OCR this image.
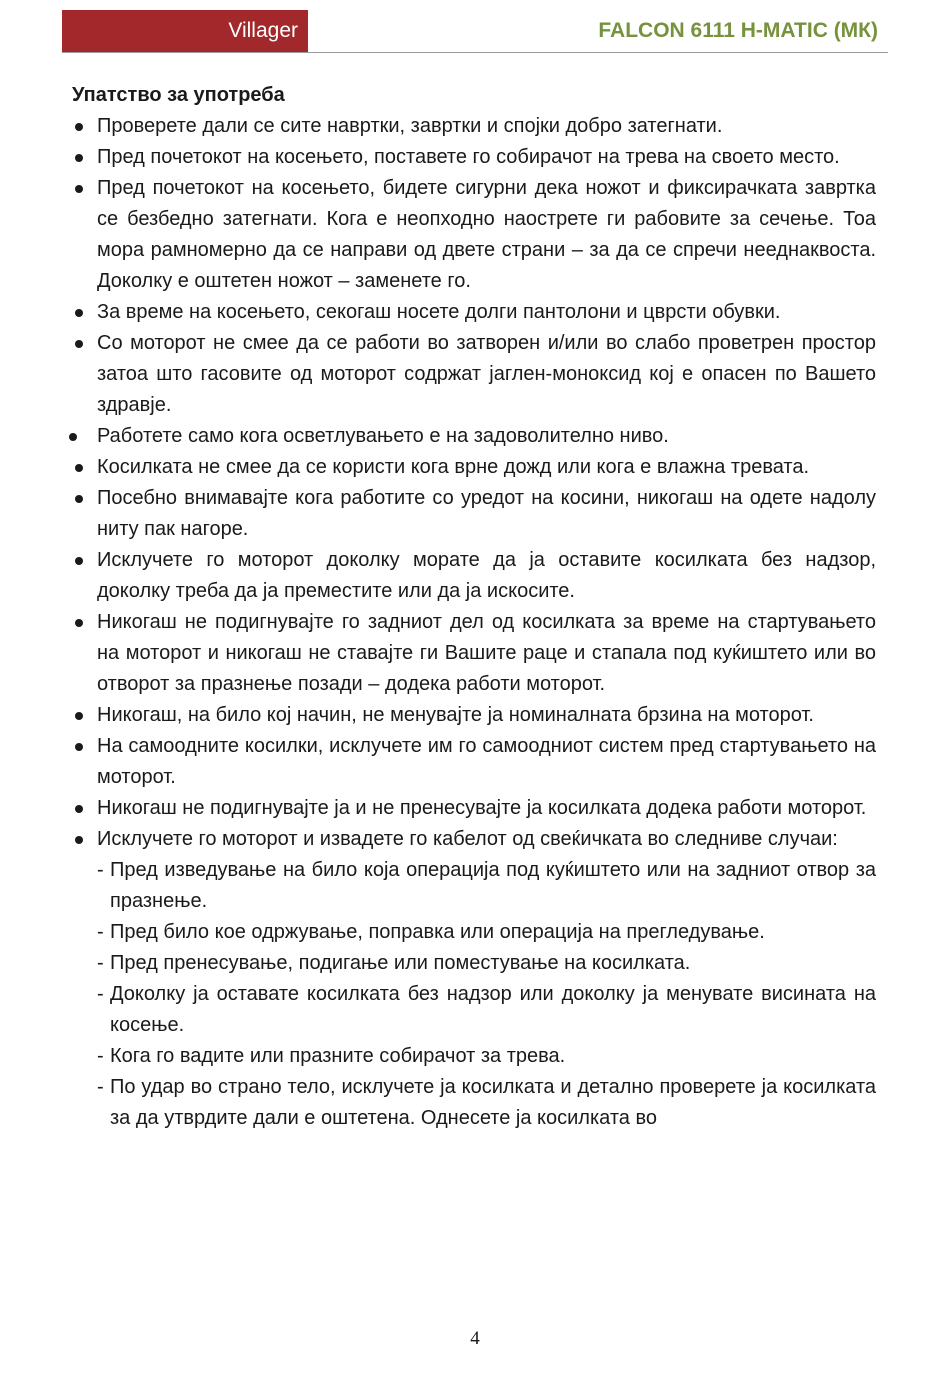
Villager	FALCON 6111 H-MATIC (МК)
Упатство за употреба
Проверете дали се сите навртки, завртки и спојки добро затегнати.
Пред почетокот на косењето, поставете го собирачот на трева на своето место.
Пред почетокот на косењето, бидете сигурни дека ножот и фиксирачката завртка се безбедно затегнати. Кога е неопходно наострете ги рабовите за сечење. Тоа мора рамномерно да се направи од двете страни – за да се спречи нееднаквоста. Доколку е оштетен ножот – заменете го.
За време на косењето, секогаш носете долги пантолони и цврсти обувки.
Со моторот не смее да се работи во затворен и/или во слабо проветрен простор затоа што гасовите од моторот содржат јаглен-моноксид кој е опасен по Вашето здравје.
Работете само кога осветлувањето е на задоволително ниво.
Косилката не смее да се користи кога врне дожд или кога е влажна тревата.
Посебно внимавајте кога работите со уредот на косини, никогаш на одете надолу ниту пак нагоре.
Исклучете го моторот доколку морате да ја оставите косилката без надзор, доколку треба да ја преместите или да ја искосите.
Никогаш не подигнувајте го задниот дел од косилката за време на стартувањето на моторот и никогаш не ставајте ги Вашите раце и стапала под куќиштето или во отворот за празнење позади – додека работи моторот.
Никогаш, на било кој начин, не менувајте ја номиналната брзина на моторот.
На самоодните косилки, исклучете им го самоодниот систем пред стартувањето на моторот.
Никогаш не подигнувајте ја и не пренесувајте ја косилката додека работи моторот.
Исклучете го моторот и извадете го кабелот од свеќичката во следниве случаи:
- Пред изведување на било која операција под куќиштето или на задниот отвор за празнење.
- Пред било кое одржување, поправка или операција на прегледување.
- Пред пренесување, подигање или поместување на косилката.
- Доколку ја оставате косилката без надзор или доколку ја менувате висината на косење.
- Кога го вадите или празните собирачот за трева.
- По удар во страно тело, исклучете ја косилката и детално проверете ја косилката за да утврдите дали е оштетена. Однесете ја косилката во
4
